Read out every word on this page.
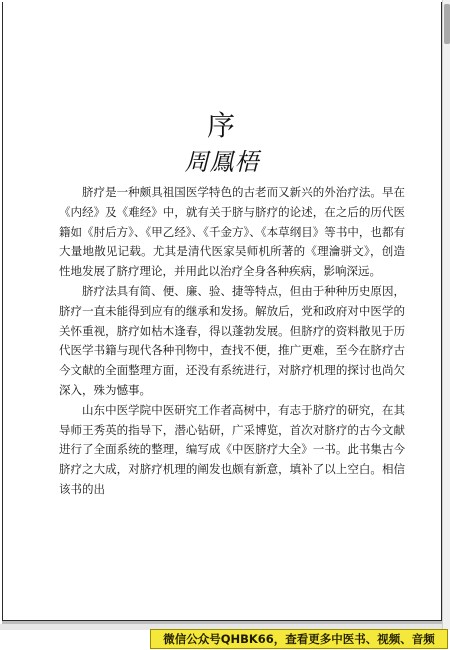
序
周鳳梧

脐疗是一种颇具祖国医学特色的古老而又新兴的外治疗法。早在《内经》及《难经》中，就有关于脐与脐疗的论述，在之后的历代医籍如《肘后方》、《甲乙经》、《千金方》、《本草纲目》等书中，也都有大量地散见记载。尤其是清代医家吴师机所著的《理瀹骈文》，创造性地发展了脐疗理论，并用此以治疗全身各种疾病，影响深远。

脐疗法具有简、便、廉、验、捷等特点，但由于种种历史原因，脐疗一直未能得到应有的继承和发扬。解放后，党和政府对中医学的关怀重视，脐疗如枯木逢春，得以蓬勃发展。但脐疗的资料散见于历代医学书籍与现代各种刊物中，查找不便，推广更难，至今在脐疗古今文献的全面整理方面，还没有系统进行，对脐疗机理的探讨也尚欠深入，殊为憾事。

山东中医学院中医研究工作者高树中，有志于脐疗的研究，在其导师王秀英的指导下，潜心钻研，广采博览，首次对脐疗的古今文献进行了全面系统的整理，编写成《中医脐疗大全》一书。此书集古今脐疗之大成，对脐疗机理的阐发也颇有新意，填补了以上空白。相信该书的出

微信公众号QHBK66，查看更多中医书、视频、音频
